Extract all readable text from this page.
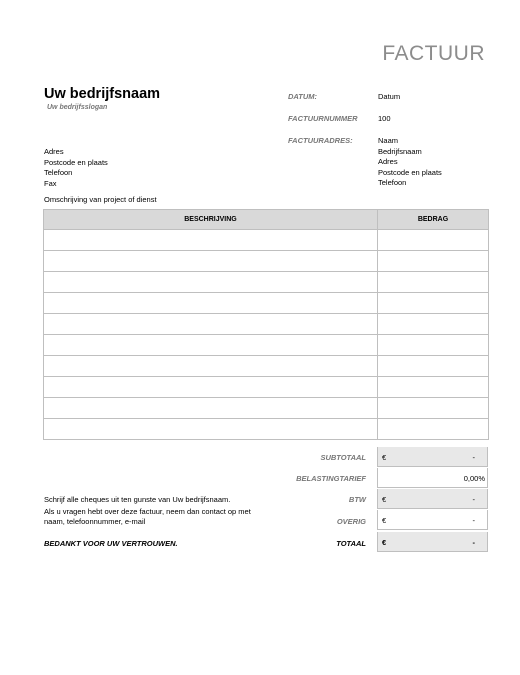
FACTUUR
Uw bedrijfsnaam
Uw bedrijfsslogan
DATUM:	Datum
FACTUURNUMMER	100
FACTUURADRES:	Naam
Bedrijfsnaam
Adres
Postcode en plaats
Telefoon
Adres
Postcode en plaats
Telefoon
Fax
Omschrijving van project of dienst
BESCHRIJVING	BEDRAG

SUBTOTAAL €	-
BELASTINGTARIEF	0,00%
BTW €	-
OVERIG €	-
TOTAAL €	-
Schrijf alle cheques uit ten gunste van Uw bedrijfsnaam.
Als u vragen hebt over deze factuur, neem dan contact op met
naam, telefoonnummer, e-mail
BEDANKT VOOR UW VERTROUWEN.
